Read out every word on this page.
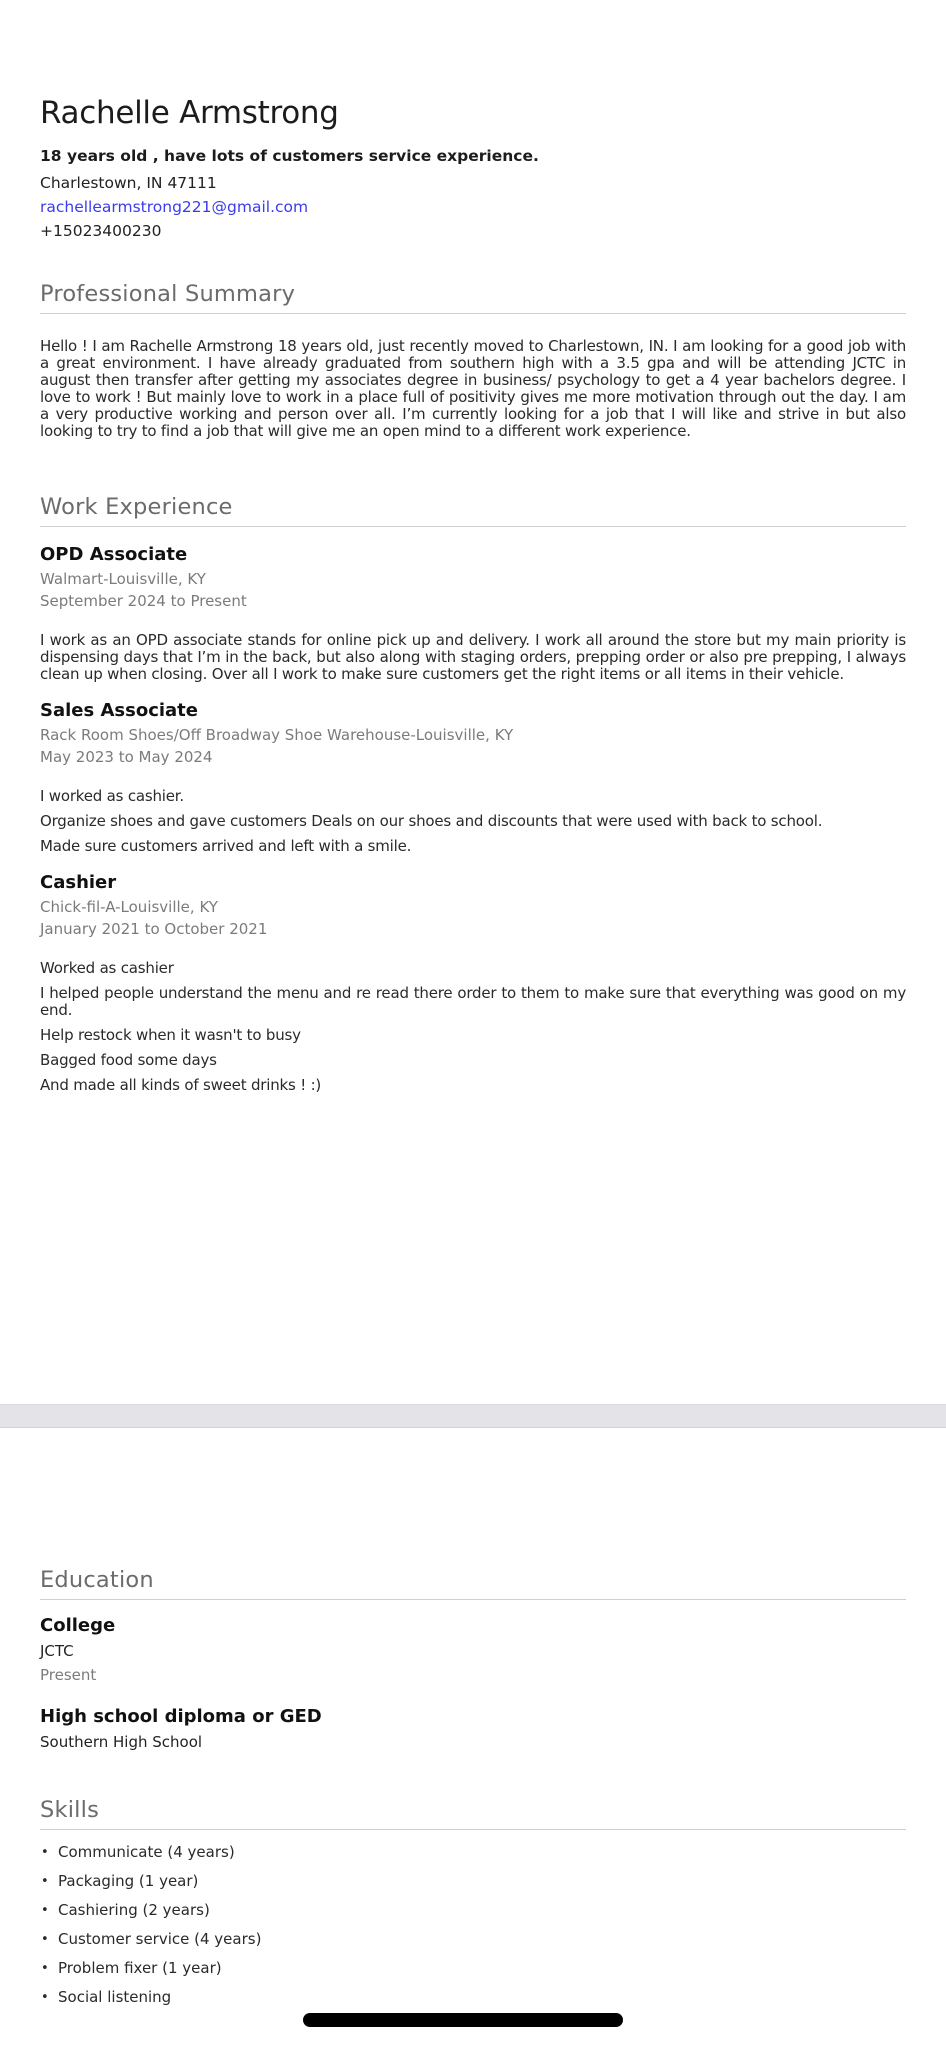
Rachelle Armstrong
18 years old , have lots of customers service experience.
Charlestown, IN 47111
rachellearmstrong221@gmail.com
+15023400230
Professional Summary

Hello ! I am Rachelle Armstrong 18 years old, just recently moved to Charlestown, IN. I am looking for a good job with a great environment. I have already graduated from southern high with a 3.5 gpa and will be attending JCTC in august then transfer after getting my associates degree in business/ psychology to get a 4 year bachelors degree. I love to work ! But mainly love to work in a place full of positivity gives me more motivation through out the day. I am a very productive working and person over all. I’m currently looking for a job that I will like and strive in but also looking to try to find a job that will give me an open mind to a different work experience.

Work Experience
OPD Associate
Walmart-Louisville, KY
September 2024 to Present

I work as an OPD associate stands for online pick up and delivery. I work all around the store but my main priority is dispensing days that I’m in the back, but also along with staging orders, prepping order or also pre prepping, I always clean up when closing. Over all I work to make sure customers get the right items or all items in their vehicle.

Sales Associate
Rack Room Shoes/Off Broadway Shoe Warehouse-Louisville, KY
May 2023 to May 2024

I worked as cashier.

Organize shoes and gave customers Deals on our shoes and discounts that were used with back to school.

Made sure customers arrived and left with a smile.

Cashier
Chick-fil-A-Louisville, KY
January 2021 to October 2021

Worked as cashier

I helped people understand the menu and re read there order to them to make sure that everything was good on my end.

Help restock when it wasn't to busy

Bagged food some days

And made all kinds of sweet drinks ! :)

Education
College
JCTC
Present
High school diploma or GED
Southern High School
Skills
• Communicate (4 years)
• Packaging (1 year)
• Cashiering (2 years)
• Customer service (4 years)
• Problem fixer (1 year)
• Social listening
